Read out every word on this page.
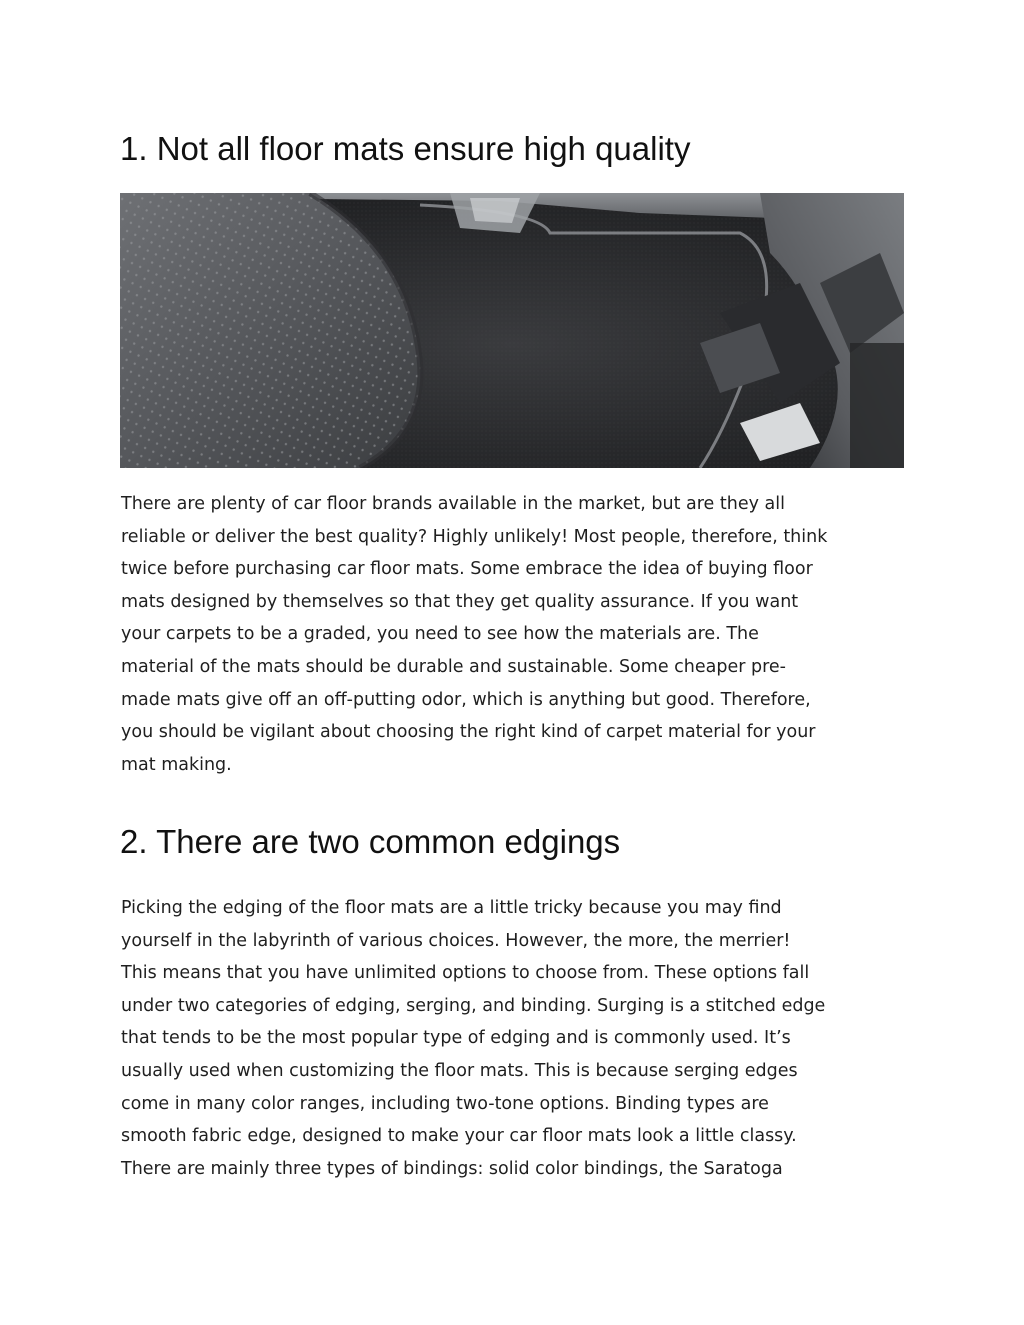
1. Not all floor mats ensure high quality
There are plenty of car floor brands available in the market, but are they all
reliable or deliver the best quality? Highly unlikely! Most people, therefore, think
twice before purchasing car floor mats. Some embrace the idea of buying floor
mats designed by themselves so that they get quality assurance. If you want
your carpets to be a graded, you need to see how the materials are. The
material of the mats should be durable and sustainable. Some cheaper pre-
made mats give off an off-putting odor, which is anything but good. Therefore,
you should be vigilant about choosing the right kind of carpet material for your
mat making.
2. There are two common edgings
Picking the edging of the floor mats are a little tricky because you may find
yourself in the labyrinth of various choices. However, the more, the merrier!
This means that you have unlimited options to choose from. These options fall
under two categories of edging, serging, and binding. Surging is a stitched edge
that tends to be the most popular type of edging and is commonly used. It’s
usually used when customizing the floor mats. This is because serging edges
come in many color ranges, including two-tone options. Binding types are
smooth fabric edge, designed to make your car floor mats look a little classy.
There are mainly three types of bindings: solid color bindings, the Saratoga
